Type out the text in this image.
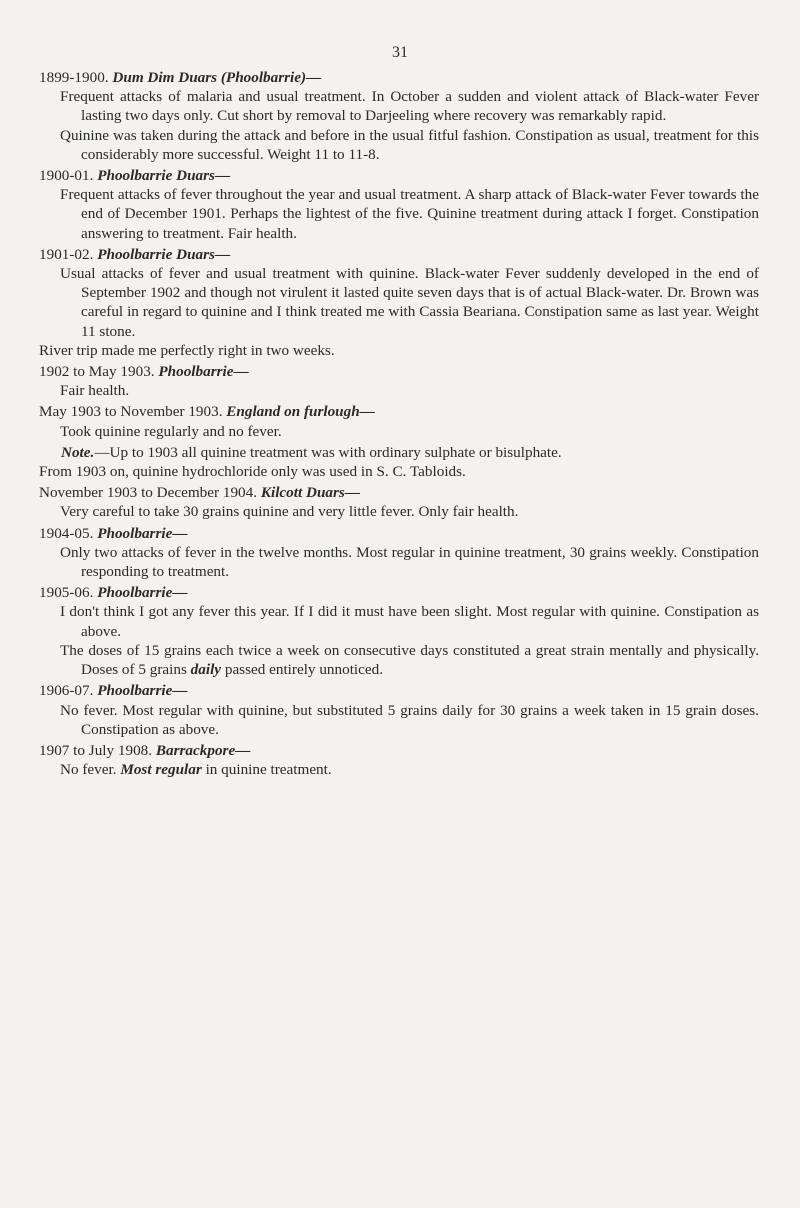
31

1899-1900. Dum Dim Duars (Phoolbarrie)—

Frequent attacks of malaria and usual treatment. In October a sudden and violent attack of Black-water Fever lasting two days only. Cut short by removal to Darjeeling where recovery was remarkably rapid.

Quinine was taken during the attack and before in the usual fitful fashion. Constipation as usual, treatment for this considerably more successful. Weight 11 to 11-8.

1900-01. Phoolbarrie Duars—

Frequent attacks of fever throughout the year and usual treatment. A sharp attack of Black-water Fever towards the end of December 1901. Perhaps the lightest of the five. Quinine treatment during attack I forget. Constipation answering to treatment. Fair health.

1901-02. Phoolbarrie Duars—

Usual attacks of fever and usual treatment with quinine. Black-water Fever suddenly developed in the end of September 1902 and though not virulent it lasted quite seven days that is of actual Black-water. Dr. Brown was careful in regard to quinine and I think treated me with Cassia Beariana. Constipation same as last year. Weight 11 stone.

River trip made me perfectly right in two weeks.

1902 to May 1903. Phoolbarrie—

Fair health.

May 1903 to November 1903. England on furlough—

Took quinine regularly and no fever.

Note.—Up to 1903 all quinine treatment was with ordinary sulphate or bisulphate.

From 1903 on, quinine hydrochloride only was used in S. C. Tabloids.

November 1903 to December 1904. Kilcott Duars—

Very careful to take 30 grains quinine and very little fever. Only fair health.

1904-05. Phoolbarrie—

Only two attacks of fever in the twelve months. Most regular in quinine treatment, 30 grains weekly. Constipation responding to treatment.

1905-06. Phoolbarrie—

I don't think I got any fever this year. If I did it must have been slight. Most regular with quinine. Constipation as above.

The doses of 15 grains each twice a week on consecutive days constituted a great strain mentally and physically. Doses of 5 grains daily passed entirely unnoticed.

1906-07. Phoolbarrie—

No fever. Most regular with quinine, but substituted 5 grains daily for 30 grains a week taken in 15 grain doses. Constipation as above.

1907 to July 1908. Barrackpore—

No fever. Most regular in quinine treatment.
